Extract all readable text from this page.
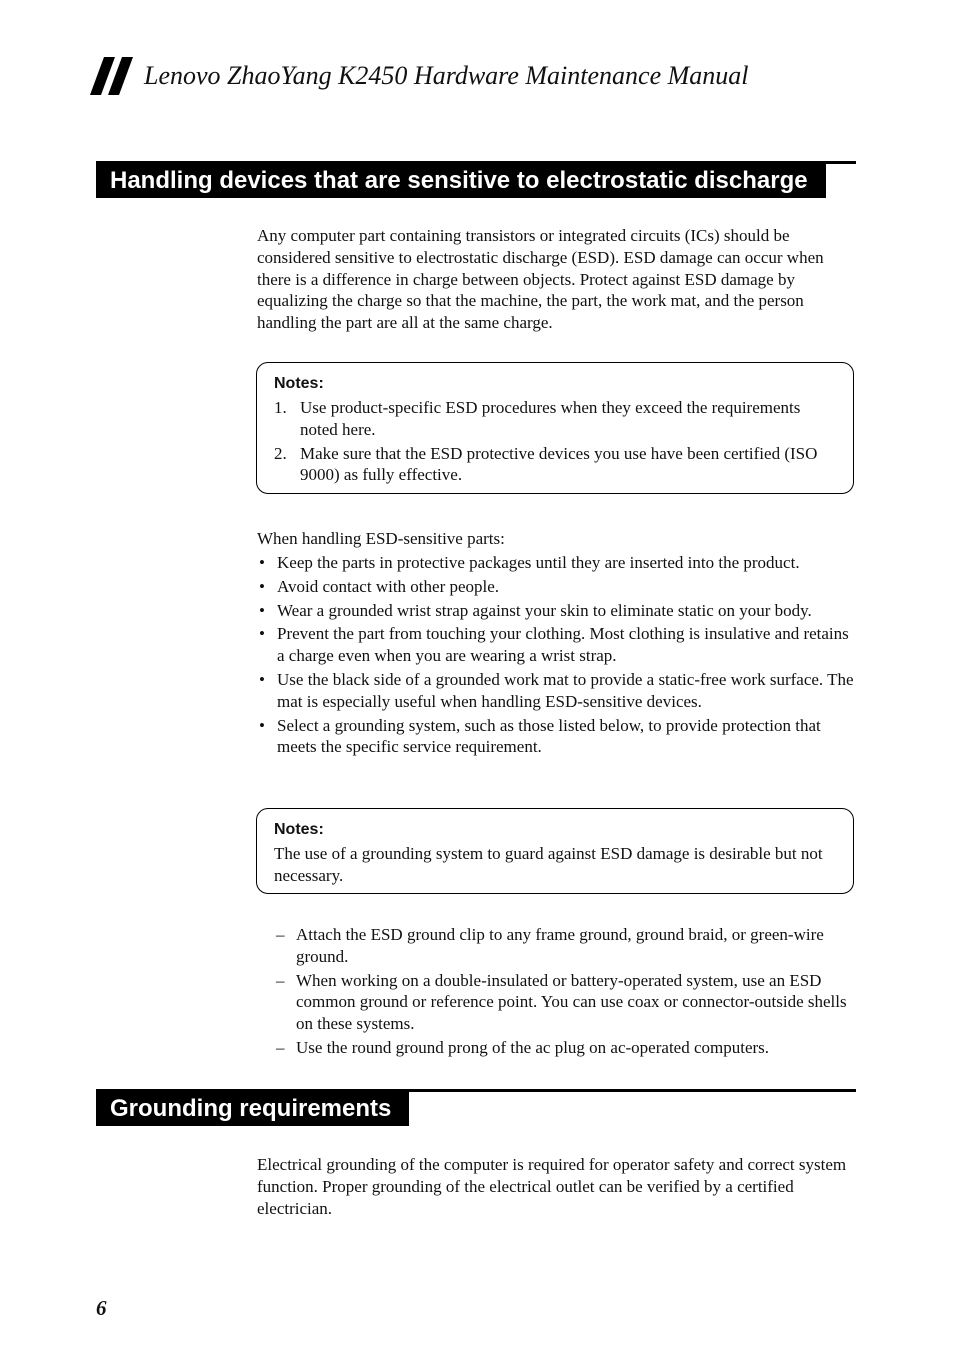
Lenovo ZhaoYang K2450 Hardware Maintenance Manual
Handling devices that are sensitive to electrostatic discharge

Any computer part containing transistors or integrated circuits (ICs) should be considered sensitive to electrostatic discharge (ESD). ESD damage can occur when there is a difference in charge between objects. Protect against ESD damage by equalizing the charge so that the machine, the part, the work mat, and the person handling the part are all at the same charge.

Notes:
1. Use product-specific ESD procedures when they exceed the requirements noted here.
2. Make sure that the ESD protective devices you use have been certified (ISO 9000) as fully effective.

When handling ESD-sensitive parts:

• Keep the parts in protective packages until they are inserted into the product.
• Avoid contact with other people.
• Wear a grounded wrist strap against your skin to eliminate static on your body.
• Prevent the part from touching your clothing. Most clothing is insulative and retains a charge even when you are wearing a wrist strap.
• Use the black side of a grounded work mat to provide a static-free work surface. The mat is especially useful when handling ESD-sensitive devices.
• Select a grounding system, such as those listed below, to provide protection that meets the specific service requirement.
Notes:
The use of a grounding system to guard against ESD damage is desirable but not necessary.
– Attach the ESD ground clip to any frame ground, ground braid, or green-wire ground.
– When working on a double-insulated or battery-operated system, use an ESD common ground or reference point. You can use coax or connector-outside shells on these systems.
– Use the round ground prong of the ac plug on ac-operated computers.
Grounding requirements

Electrical grounding of the computer is required for operator safety and correct system function. Proper grounding of the electrical outlet can be verified by a certified electrician.

6
